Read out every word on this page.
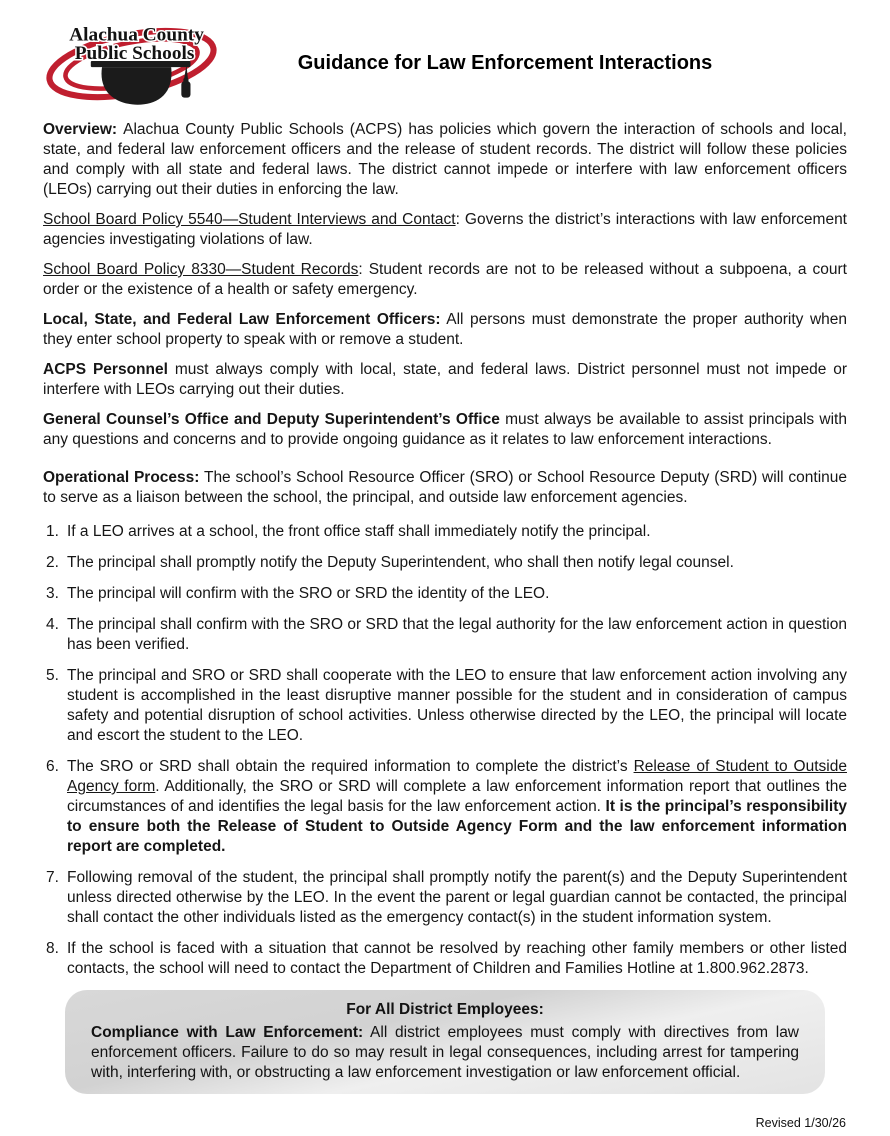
Alachua County
Public Schools	Guidance for Law Enforcement Interactions

Overview: Alachua County Public Schools (ACPS) has policies which govern the interaction of schools and local, state, and federal law enforcement officers and the release of student records. The district will follow these policies and comply with all state and federal laws. The district cannot impede or interfere with law enforcement officers (LEOs) carrying out their duties in enforcing the law.

School Board Policy 5540—Student Interviews and Contact: Governs the district’s interactions with law enforcement agencies investigating violations of law.

School Board Policy 8330—Student Records: Student records are not to be released without a subpoena, a court order or the existence of a health or safety emergency.

Local, State, and Federal Law Enforcement Officers: All persons must demonstrate the proper authority when they enter school property to speak with or remove a student.

ACPS Personnel must always comply with local, state, and federal laws. District personnel must not impede or interfere with LEOs carrying out their duties.

General Counsel’s Office and Deputy Superintendent’s Office must always be available to assist principals with any questions and concerns and to provide ongoing guidance as it relates to law enforcement interactions.

Operational Process: The school’s School Resource Officer (SRO) or School Resource Deputy (SRD) will continue to serve as a liaison between the school, the principal, and outside law enforcement agencies.

1. If a LEO arrives at a school, the front office staff shall immediately notify the principal.
2. The principal shall promptly notify the Deputy Superintendent, who shall then notify legal counsel.
3. The principal will confirm with the SRO or SRD the identity of the LEO.
4. The principal shall confirm with the SRO or SRD that the legal authority for the law enforcement action in question has been verified.
5. The principal and SRO or SRD shall cooperate with the LEO to ensure that law enforcement action involving any student is accomplished in the least disruptive manner possible for the student and in consideration of campus safety and potential disruption of school activities. Unless otherwise directed by the LEO, the principal will locate and escort the student to the LEO.
6. The SRO or SRD shall obtain the required information to complete the district’s Release of Student to Outside Agency form. Additionally, the SRO or SRD will complete a law enforcement information report that outlines the circumstances of and identifies the legal basis for the law enforcement action. It is the principal’s responsibility to ensure both the Release of Student to Outside Agency Form and the law enforcement information report are completed.
7. Following removal of the student, the principal shall promptly notify the parent(s) and the Deputy Superintendent unless directed otherwise by the LEO. In the event the parent or legal guardian cannot be contacted, the principal shall contact the other individuals listed as the emergency contact(s) in the student information system.
8. If the school is faced with a situation that cannot be resolved by reaching other family members or other listed contacts, the school will need to contact the Department of Children and Families Hotline at 1.800.962.2873.

For All District Employees:

Compliance with Law Enforcement: All district employees must comply with directives from law enforcement officers. Failure to do so may result in legal consequences, including arrest for tampering with, interfering with, or obstructing a law enforcement investigation or law enforcement official.

Revised 1/30/26
